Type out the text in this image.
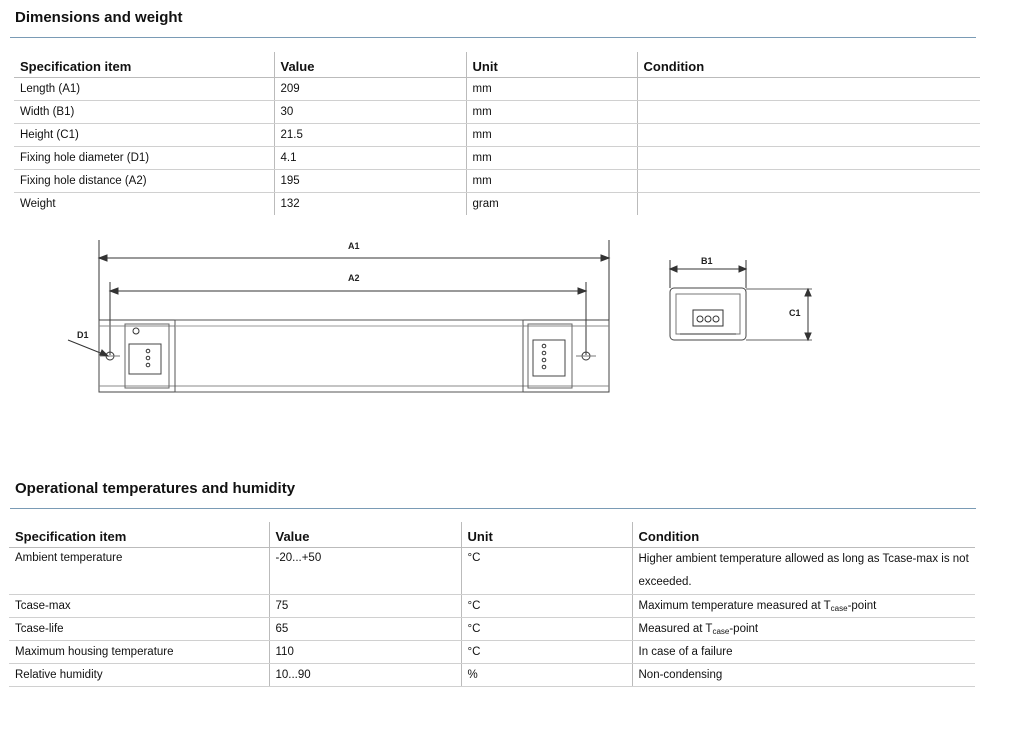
Dimensions and weight
Specification item	Value	Unit	Condition
Length (A1)	209	mm	
Width (B1)	30	mm	
Height (C1)	21.5	mm	
Fixing hole diameter (D1)	4.1	mm	
Fixing hole distance (A2)	195	mm	
Weight	132	gram	
A1
A2
D1
B1
C1
Operational temperatures and humidity
Specification item	Value	Unit	Condition
Ambient temperature	-20...+50	°C	Higher ambient temperature allowed as long as Tcase-max is not
exceeded.
Tcase-max	75	°C	Maximum temperature measured at $T_{case}$-point
Tcase-life	65	°C	Measured at $T_{case}$-point
Maximum housing temperature	110	°C	In case of a failure
Relative humidity	10...90	%	Non-condensing
